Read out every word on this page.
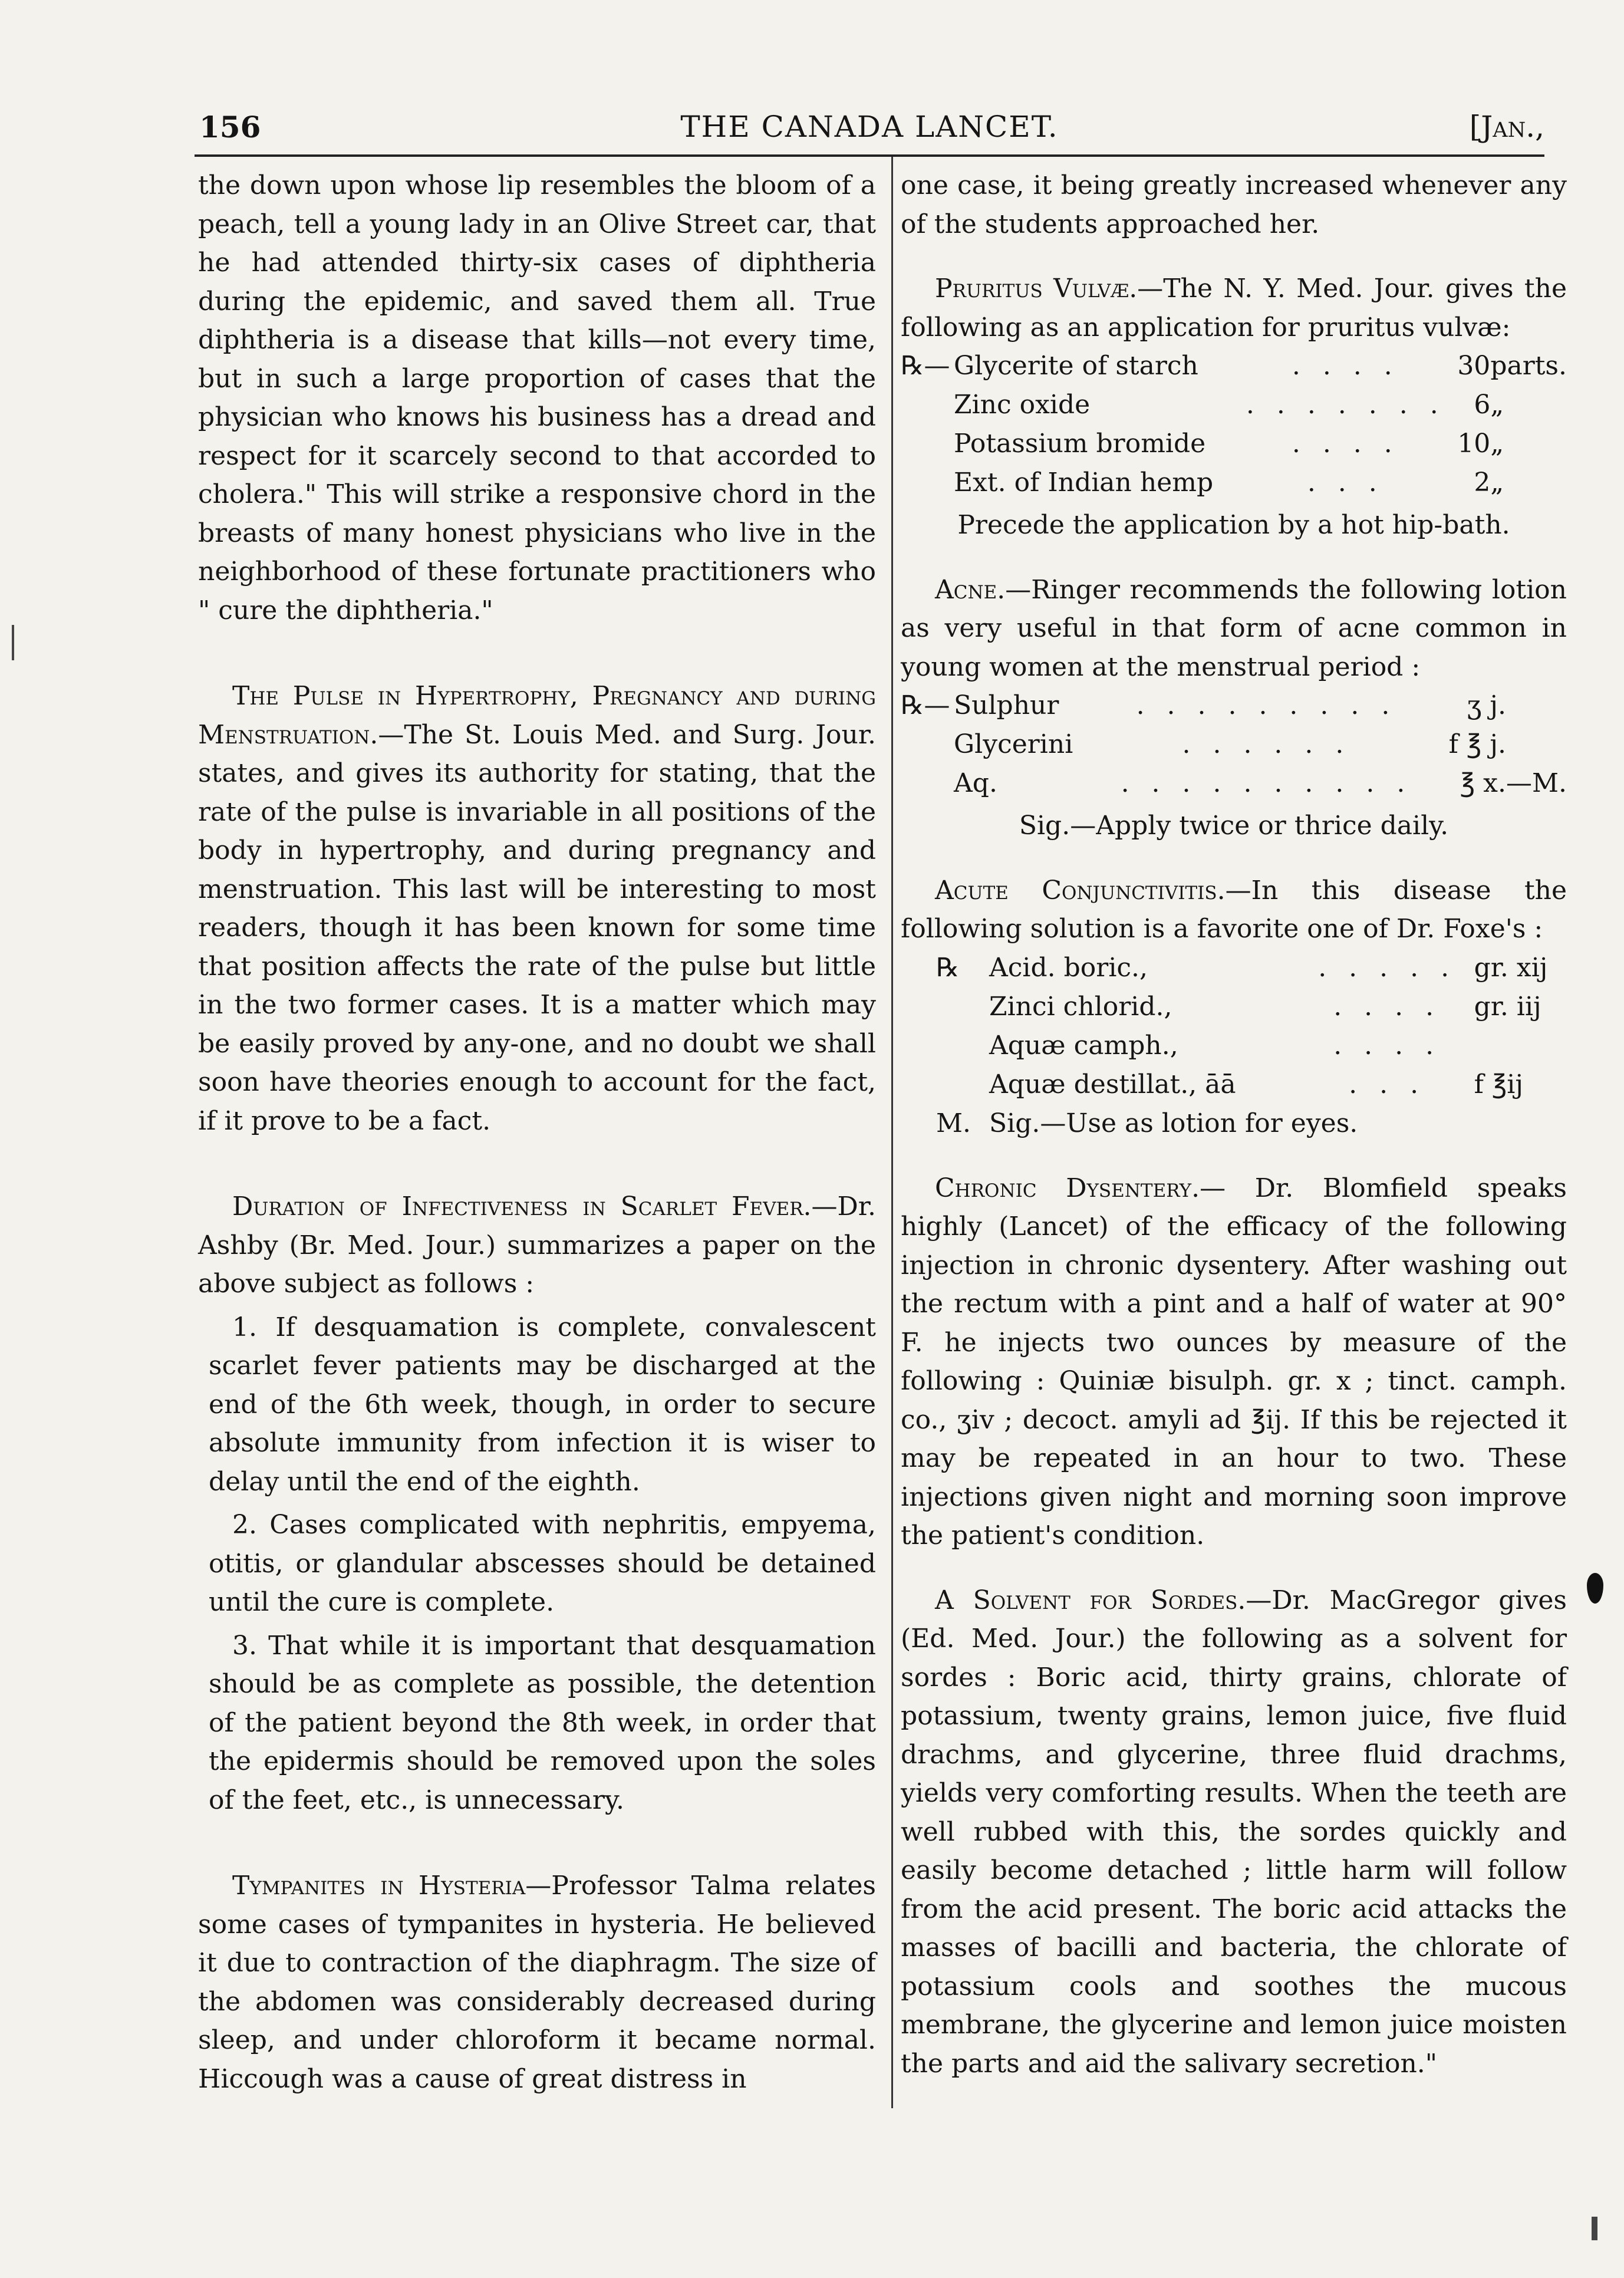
156	THE CANADA LANCET.	[Jan.,

the down upon whose lip resembles the bloom of a peach, tell a young lady in an Olive Street car, that he had attended thirty-six cases of diphtheria during the epidemic, and saved them all. True diphtheria is a disease that kills—not every time, but in such a large proportion of cases that the physician who knows his business has a dread and respect for it scarcely second to that accorded to cholera." This will strike a responsive chord in the breasts of many honest physicians who live in the neighborhood of these fortunate practitioners who " cure the diphtheria."

The Pulse in Hypertrophy, Pregnancy and during Menstruation.—The St. Louis Med. and Surg. Jour. states, and gives its authority for stating, that the rate of the pulse is invariable in all positions of the body in hypertrophy, and during pregnancy and menstruation. This last will be interesting to most readers, though it has been known for some time that position affects the rate of the pulse but little in the two former cases. It is a matter which may be easily proved by any-one, and no doubt we shall soon have theories enough to account for the fact, if it prove to be a fact.

Duration of Infectiveness in Scarlet Fever.—Dr. Ashby (Br. Med. Jour.) summarizes a paper on the above subject as follows :

1. If desquamation is complete, convalescent scarlet fever patients may be discharged at the end of the 6th week, though, in order to secure absolute immunity from infection it is wiser to delay until the end of the eighth.

2. Cases complicated with nephritis, empyema, otitis, or glandular abscesses should be detained until the cure is complete.

3. That while it is important that desquamation should be as complete as possible, the detention of the patient beyond the 8th week, in order that the epidermis should be removed upon the soles of the feet, etc., is unnecessary.

Tympanites in Hysteria—Professor Talma relates some cases of tympanites in hysteria. He believed it due to contraction of the diaphragm. The size of the abdomen was considerably decreased during sleep, and under chloroform it became normal. Hiccough was a cause of great distress in

one case, it being greatly increased whenever any of the students approached her.

Pruritus Vulvæ.—The N. Y. Med. Jour. gives the following as an application for pruritus vulvæ:

℞—	Glycerite of starch	. . . .	30	parts.
	Zinc oxide	. . . . . . .	6	„
	Potassium bromide	. . . .	10	„
	Ext. of Indian hemp	. . .	2	„

Precede the application by a hot hip-bath.

Acne.—Ringer recommends the following lotion as very useful in that form of acne common in young women at the menstrual period :

℞—	Sulphur	. . . . . . . . .	ʒ j.	
	Glycerini	. . . . . .	f ℥ j.	
	Aq.	. . . . . . . . . .	℥ x.	—M.

Sig.—Apply twice or thrice daily.

Acute Conjunctivitis.—In this disease the following solution is a favorite one of Dr. Foxe's :

℞	Acid. boric.,	. . . . .	gr. xij
	Zinci chlorid.,	. . . .	gr. iij
	Aquæ camph.,	. . . .	
	Aquæ destillat., āā	. . .	f ℥ij
M.	Sig.—Use as lotion for eyes.		

Chronic Dysentery.— Dr. Blomfield speaks highly (Lancet) of the efficacy of the following injection in chronic dysentery. After washing out the rectum with a pint and a half of water at 90° F. he injects two ounces by measure of the following : Quiniæ bisulph. gr. x ; tinct. camph. co., ʒiv ; decoct. amyli ad ℥ij. If this be rejected it may be repeated in an hour to two. These injections given night and morning soon improve the patient's condition.

A Solvent for Sordes.—Dr. MacGregor gives (Ed. Med. Jour.) the following as a solvent for sordes : Boric acid, thirty grains, chlorate of potassium, twenty grains, lemon juice, five fluid drachms, and glycerine, three fluid drachms, yields very comforting results. When the teeth are well rubbed with this, the sordes quickly and easily become detached ; little harm will follow from the acid present. The boric acid attacks the masses of bacilli and bacteria, the chlorate of potassium cools and soothes the mucous membrane, the glycerine and lemon juice moisten the parts and aid the salivary secretion."
